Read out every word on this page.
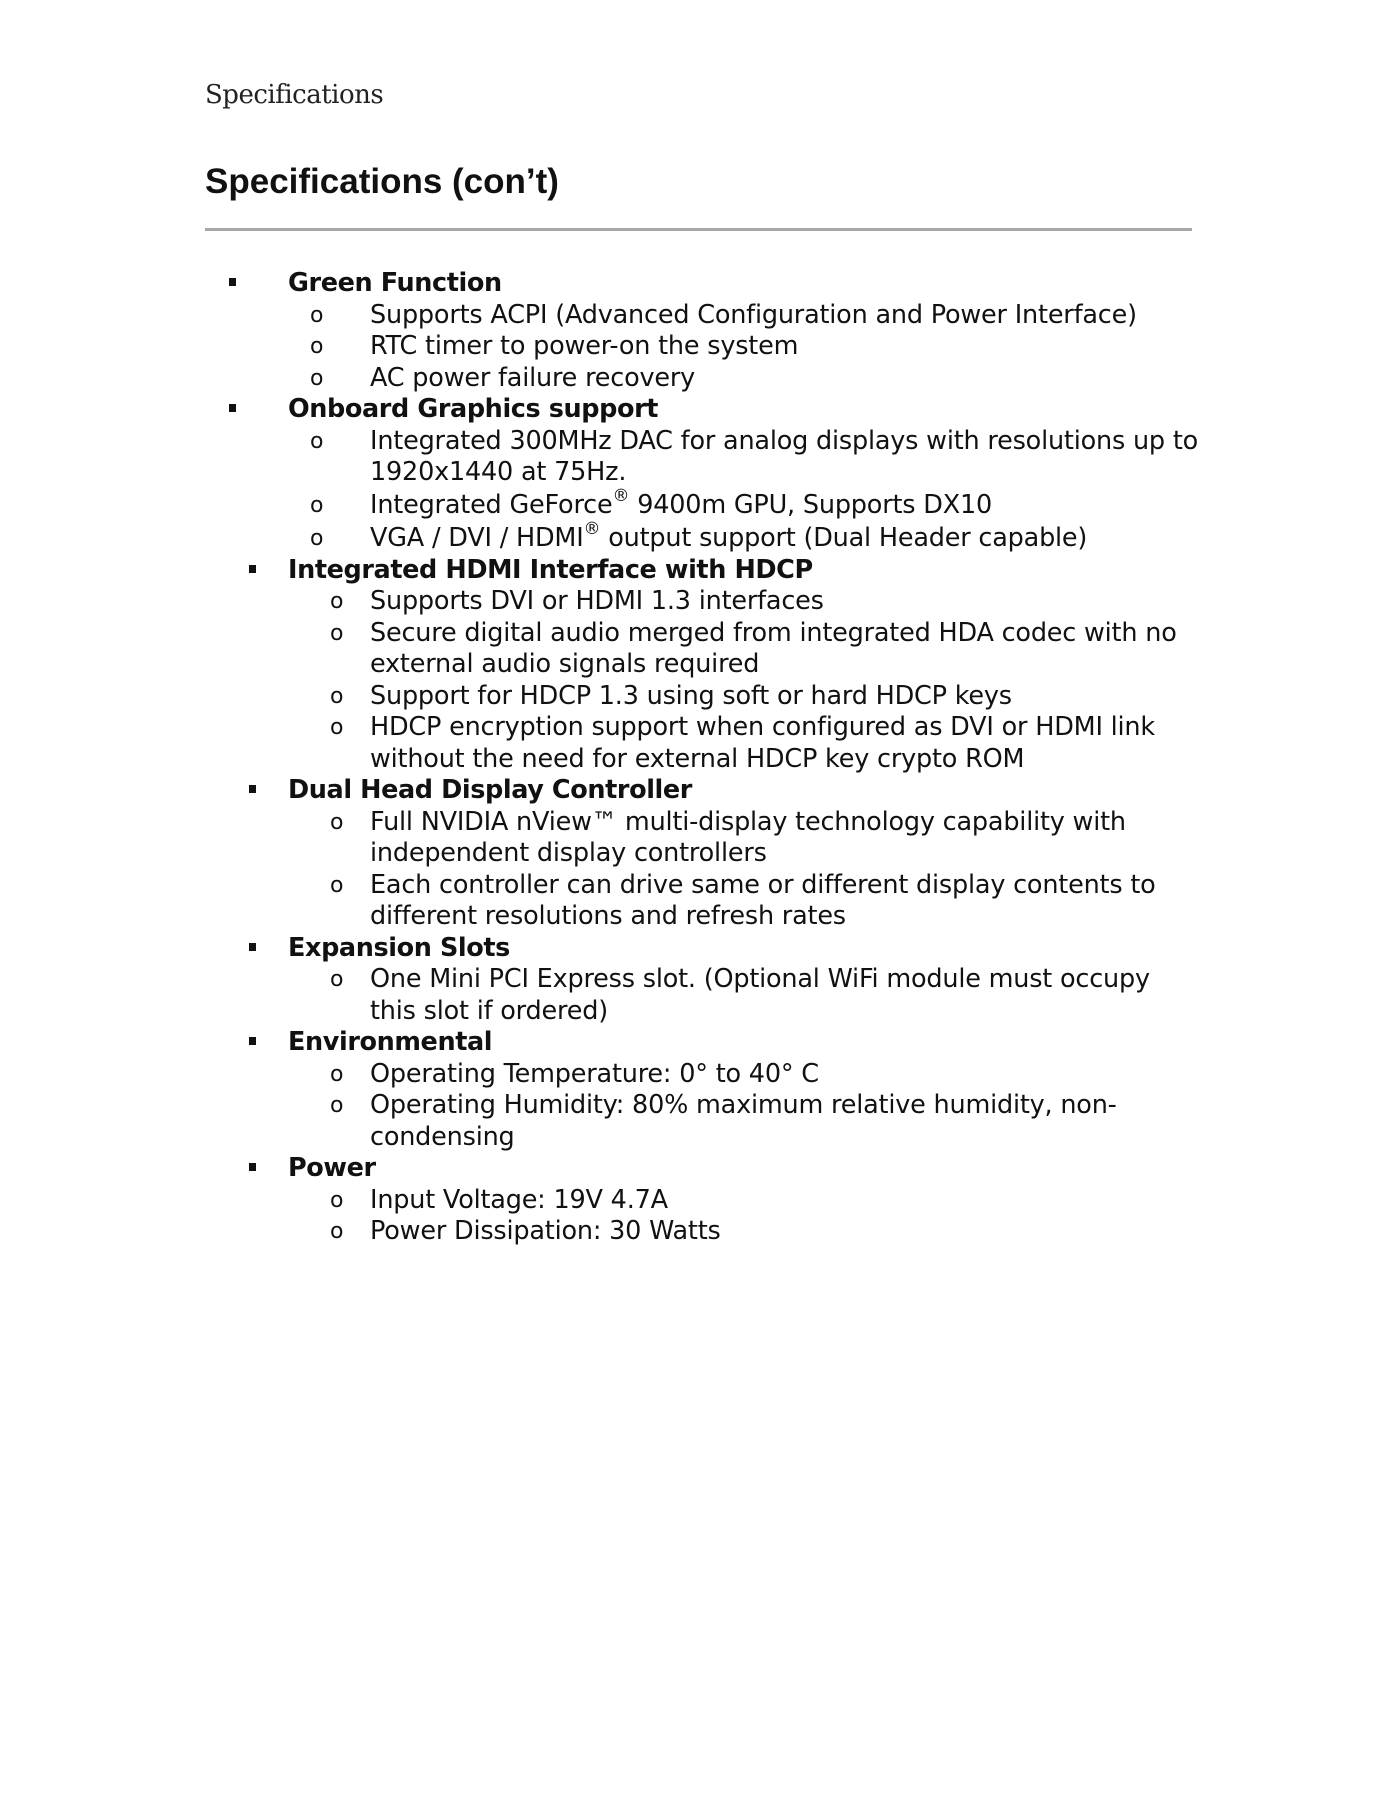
Specifications
Specifications (con’t)
Green Function
o Supports ACPI (Advanced Configuration and Power Interface)
o RTC timer to power-on the system
o AC power failure recovery
Onboard Graphics support
o Integrated 300MHz DAC for analog displays with resolutions up to 1920x1440 at 75Hz.
o Integrated GeForce® 9400m GPU, Supports DX10
o VGA / DVI / HDMI® output support (Dual Header capable)
Integrated HDMI Interface with HDCP
o Supports DVI or HDMI 1.3 interfaces
o Secure digital audio merged from integrated HDA codec with no external audio signals required
o Support for HDCP 1.3 using soft or hard HDCP keys
o HDCP encryption support when configured as DVI or HDMI link without the need for external HDCP key crypto ROM
Dual Head Display Controller
o Full NVIDIA nView™ multi-display technology capability with independent display controllers
o Each controller can drive same or different display contents to different resolutions and refresh rates
Expansion Slots
o One Mini PCI Express slot. (Optional WiFi module must occupy this slot if ordered)
Environmental
o Operating Temperature: 0° to 40° C
o Operating Humidity: 80% maximum relative humidity, non-condensing
Power
o Input Voltage: 19V 4.7A
o Power Dissipation: 30 Watts
